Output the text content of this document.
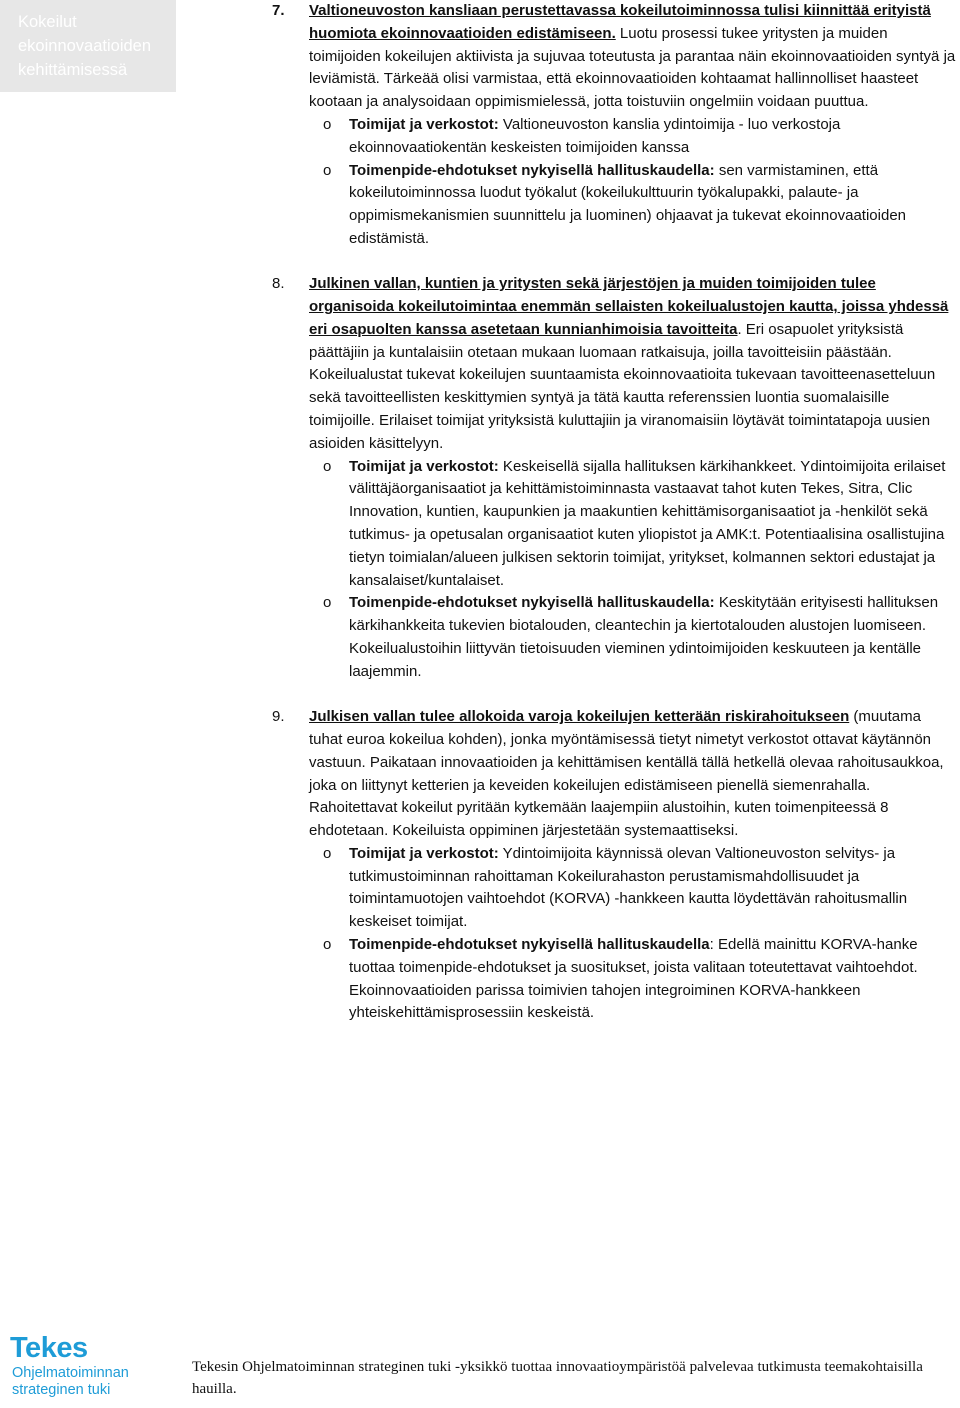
Kokeilut ekoinnovaatioiden kehittämisessä
7. Valtioneuvoston kansliaan perustettavassa kokeilutoiminnossa tulisi kiinnittää erityistä huomiota ekoinnovaatioiden edistämiseen. Luotu prosessi tukee yritysten ja muiden toimijoiden kokeilujen aktiivista ja sujuvaa toteutusta ja parantaa näin ekoinnovaatioiden syntyä ja leviämistä. Tärkeää olisi varmistaa, että ekoinnovaatioiden kohtaamat hallinnolliset haasteet kootaan ja analysoidaan oppimismielessä, jotta toistuviin ongelmiin voidaan puuttua.

o Toimijat ja verkostot: Valtioneuvoston kanslia ydintoimija - luo verkostoja ekoinnovaatiokentän keskeisten toimijoiden kanssa
o Toimenpide-ehdotukset nykyisellä hallituskaudella: sen varmistaminen, että kokeilutoiminnossa luodut työkalut (kokeilukulttuurin työkalupakki, palaute- ja oppimismekanismien suunnittelu ja luominen) ohjaavat ja tukevat ekoinnovaatioiden edistämistä.
8. Julkinen vallan, kuntien ja yritysten sekä järjestöjen ja muiden toimijoiden tulee organisoida kokeilutoimintaa enemmän sellaisten kokeilualustojen kautta, joissa yhdessä eri osapuolten kanssa asetetaan kunnianhimoisia tavoitteita. Eri osapuolet yrityksistä päättäjiin ja kuntalaisiin otetaan mukaan luomaan ratkaisuja, joilla tavoitteisiin päästään. Kokeilualustat tukevat kokeilujen suuntaamista ekoinnovaatioita tukevaan tavoitteenasetteluun sekä tavoitteellisten keskittymien syntyä ja tätä kautta referenssien luontia suomalaisille toimijoille. Erilaiset toimijat yrityksistä kuluttajiin ja viranomaisiin löytävät toimintatapoja uusien asioiden käsittelyyn.

o Toimijat ja verkostot: Keskeisellä sijalla hallituksen kärkihankkeet. Ydintoimijoita erilaiset välittäjäorganisaatiot ja kehittämistoiminnasta vastaavat tahot kuten Tekes, Sitra, Clic Innovation, kuntien, kaupunkien ja maakuntien kehittämisorganisaatiot ja -henkilöt sekä tutkimus- ja opetusalan organisaatiot kuten yliopistot ja AMK:t. Potentiaalisina osallistujina tietyn toimialan/alueen julkisen sektorin toimijat, yritykset, kolmannen sektori edustajat ja kansalaiset/kuntalaiset.
o Toimenpide-ehdotukset nykyisellä hallituskaudella: Keskitytään erityisesti hallituksen kärkihankkeita tukevien biotalouden, cleantechin ja kiertotalouden alustojen luomiseen. Kokeilualustoihin liittyvän tietoisuuden vieminen ydintoimijoiden keskuuteen ja kentälle laajemmin.
9. Julkisen vallan tulee allokoida varoja kokeilujen ketterään riskirahoitukseen (muutama tuhat euroa kokeilua kohden), jonka myöntämisessä tietyt nimetyt verkostot ottavat käytännön vastuun. Paikataan innovaatioiden ja kehittämisen kentällä tällä hetkellä olevaa rahoitusaukkoa, joka on liittynyt ketterien ja kevеiden kokeilujen edistämiseen pienellä siemenrahalla. Rahoitettavat kokeilut pyritään kytkemään laajempiin alustoihin, kuten toimenpiteessä 8 ehdotetaan. Kokeiluista oppiminen järjestetään systemaattiseksi.

o Toimijat ja verkostot: Ydintoimijoita käynnissä olevan Valtioneuvoston selvitys- ja tutkimustoiminnan rahoittaman Kokeilurahaston perustamismahdollisuudet ja toimintamuotojen vaihtoehdot (KORVA) -hankkeen kautta löydettävän rahoitusmallin keskeiset toimijat.
o Toimenpide-ehdotukset nykyisellä hallituskaudella: Edellä mainittu KORVA-hanke tuottaa toimenpide-ehdotukset ja suositukset, joista valitaan toteutettavat vaihtoehdot. Ekoinnovaatioiden parissa toimivien tahojen integroiminen KORVA-hankkeen yhteiskehittämisprosessiin keskeistä.
Tekes
Ohjelmatoiminnan
strateginen tuki
Tekesin Ohjelmatoiminnan strateginen tuki -yksikkö tuottaa innovaatioympäristöä palvelevaa tutkimusta teemakohtaisilla hauilla.
